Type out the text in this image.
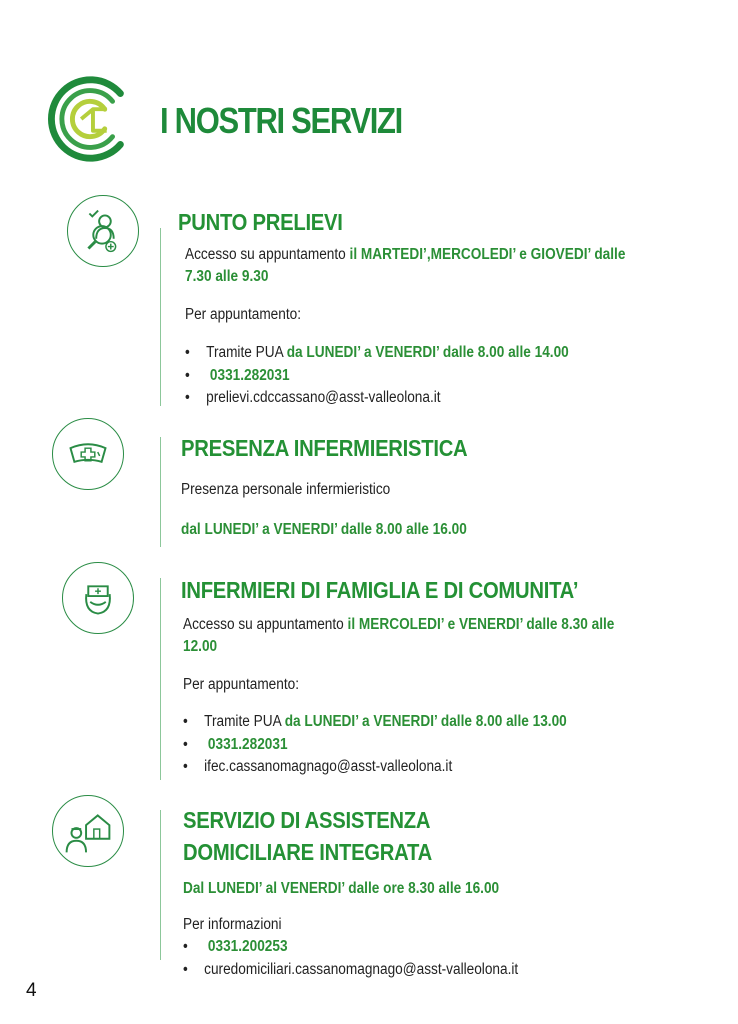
I NOSTRI SERVIZI
PUNTO PRELIEVI
Accesso su appuntamento il MARTEDI’,MERCOLEDI’ e GIOVEDI’ dalle
7.30 alle 9.30
Per appuntamento:
• Tramite PUA da LUNEDI’ a VENERDI’ dalle 8.00 alle 14.00
• 0331.282031
• prelievi.cdccassano@asst-valleolona.it
PRESENZA INFERMIERISTICA
Presenza personale infermieristico
dal LUNEDI’ a VENERDI’ dalle 8.00 alle 16.00
INFERMIERI DI FAMIGLIA E DI COMUNITA’
Accesso su appuntamento il MERCOLEDI’ e VENERDI’ dalle 8.30 alle
12.00
Per appuntamento:
• Tramite PUA da LUNEDI’ a VENERDI’ dalle 8.00 alle 13.00
• 0331.282031
• ifec.cassanomagnago@asst-valleolona.it
SERVIZIO DI ASSISTENZA
DOMICILIARE INTEGRATA
Dal LUNEDI’ al VENERDI’ dalle ore 8.30 alle 16.00
Per informazioni
• 0331.200253
• curedomiciliari.cassanomagnago@asst-valleolona.it
4
